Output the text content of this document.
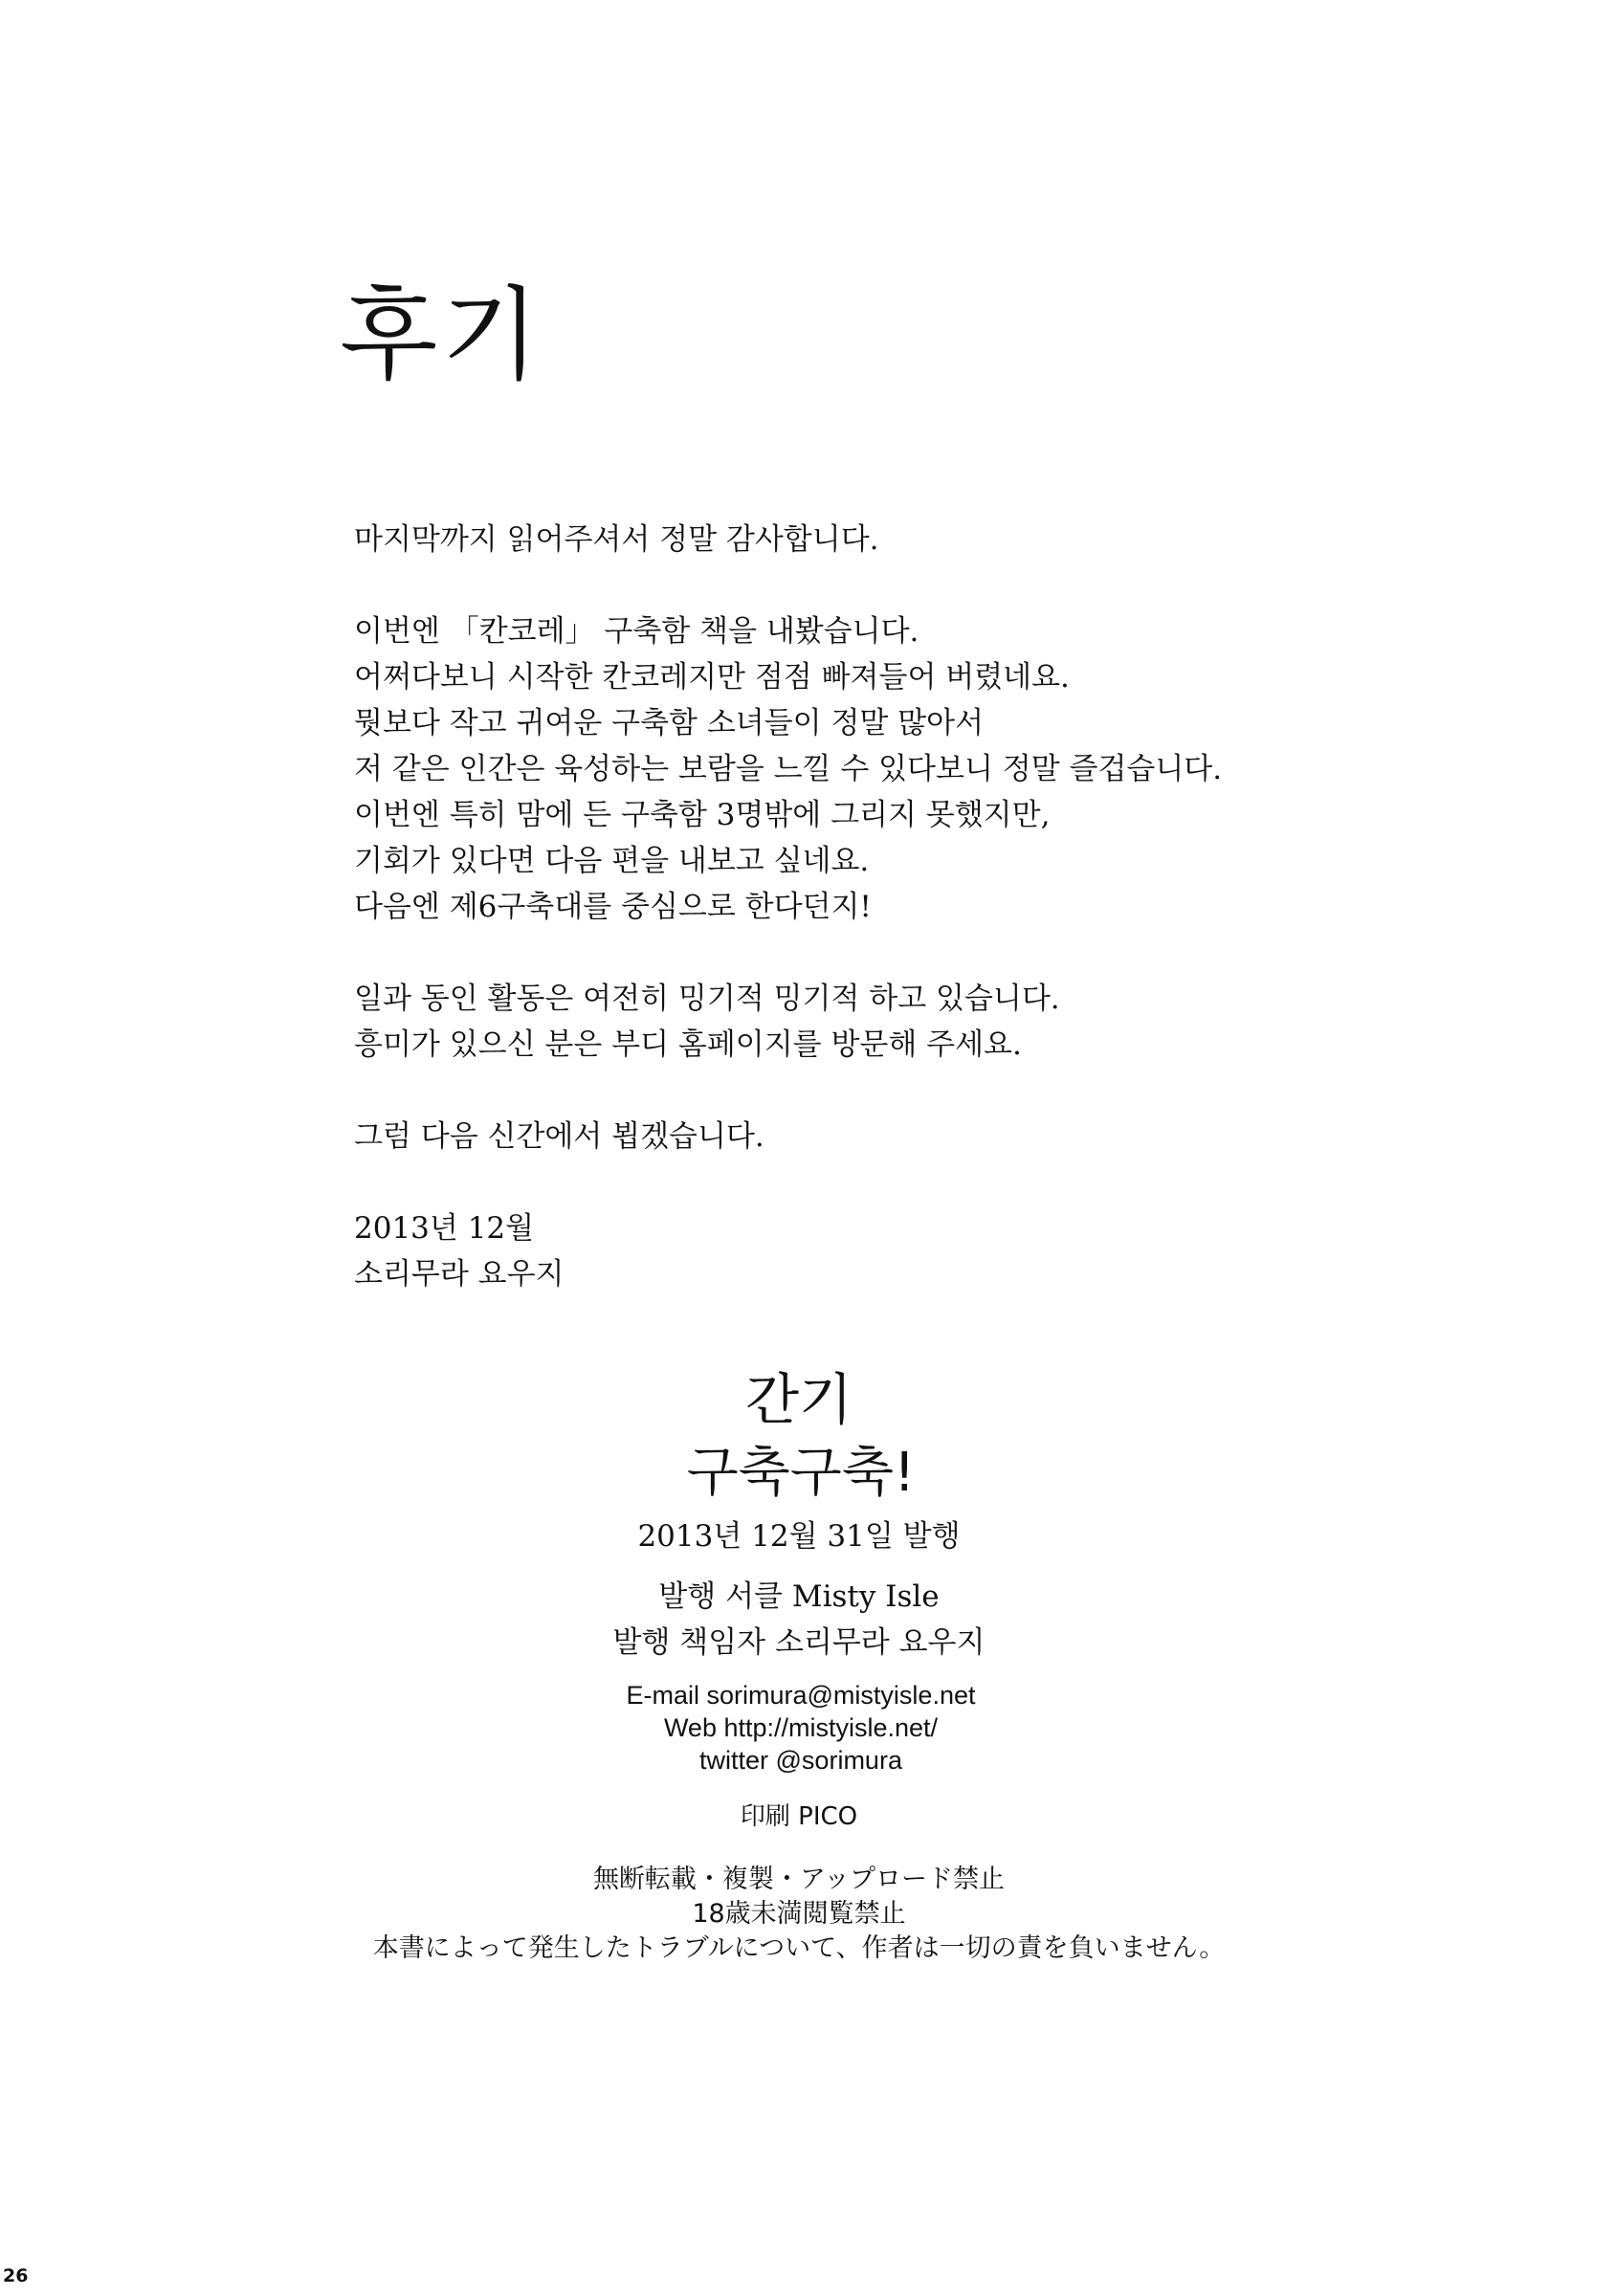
후기
마지막까지 읽어주셔서 정말 감사합니다.
이번엔 「칸코레」 구축함 책을 내봤습니다.
어쩌다보니 시작한 칸코레지만 점점 빠져들어 버렸네요.
뭣보다 작고 귀여운 구축함 소녀들이 정말 많아서
저 같은 인간은 육성하는 보람을 느낄 수 있다보니 정말 즐겁습니다.
이번엔 특히 맘에 든 구축함 3명밖에 그리지 못했지만,
기회가 있다면 다음 편을 내보고 싶네요.
다음엔 제6구축대를 중심으로 한다던지!
일과 동인 활동은 여전히 밍기적 밍기적 하고 있습니다.
흥미가 있으신 분은 부디 홈페이지를 방문해 주세요.
그럼 다음 신간에서 뵙겠습니다.
2013년 12월
소리무라 요우지
간기
구축구축!
2013년 12월 31일 발행
발행 서클 Misty Isle
발행 책임자 소리무라 요우지
E-mail sorimura@mistyisle.net
Web http://mistyisle.net/
twitter @sorimura
印刷 PICO
無断転載・複製・アップロード禁止
18歳未満閲覧禁止
本書によって発生したトラブルについて、作者は一切の責を負いません。
26
